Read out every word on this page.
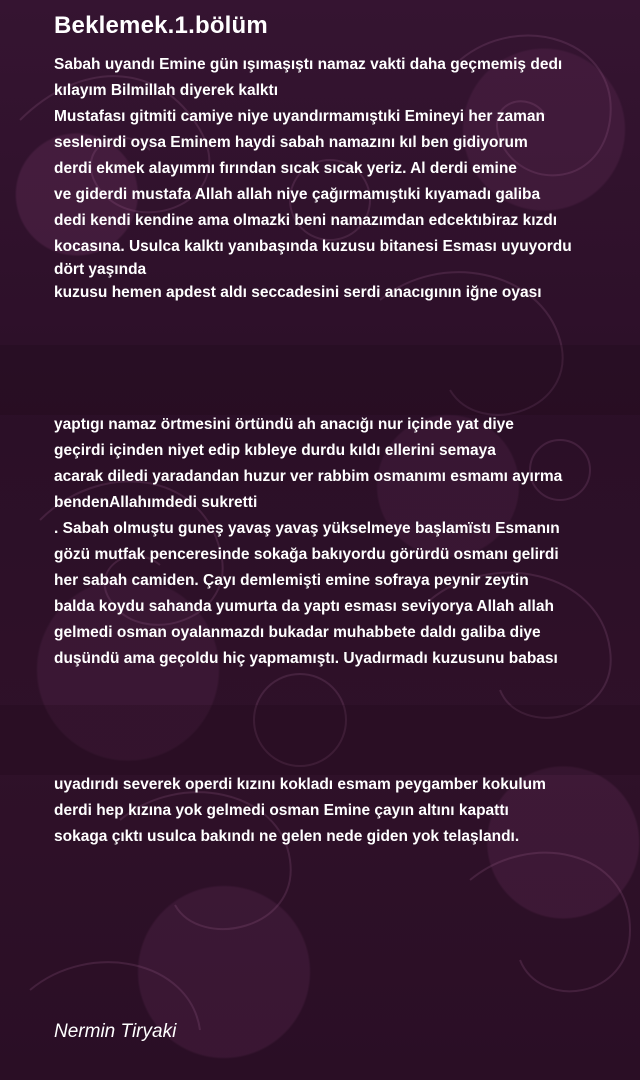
Beklemek.1.bölüm
Sabah uyandı Emine gün ışımaşıştı namaz vakti daha geçmemiş dedı
kılayım Bilmillah diyerek kalktı
Mustafası gitmiti camiye niye uyandırmamıştıki Emineyi her zaman
seslenirdi oysa Eminem haydi sabah namazını kıl ben gidiyorum
derdi ekmek alayımmı fırından sıcak sıcak yeriz. Al derdi emine
ve giderdi mustafa Allah allah niye çağırmamıştıki kıyamadı galiba
dedi kendi kendine ama olmazki beni namazımdan edcektıbiraz kızdı
kocasına. Usulca kalktı yanıbaşında kuzusu bitanesi Esması uyuyordu
dört yaşında
kuzusu hemen apdest aldı seccadesini serdi anacıgının iğne oyası
yaptıgı namaz örtmesini örtündü ah anacığı nur içinde yat diye
geçirdi içinden niyet edip kıbleye durdu kıldı ellerini semaya
acarak diledi yaradandan huzur ver rabbim osmanımı esmamı ayırma
bendenAllahımdedi sukretti
. Sabah olmuştu guneş yavaş yavaş yükselmeye başlamïstı Esmanın
gözü mutfak penceresinde sokağa bakıyordu görürdü osmanı gelirdi
her sabah camiden. Çayı demlemişti emine sofraya peynir zeytin
balda koydu sahanda yumurta da yaptı esması seviyorya Allah allah
gelmedi osman oyalanmazdı bukadar muhabbete daldı galiba diye
duşündü ama geçoldu hiç yapmamıştı. Uyadırmadı kuzusunu babası
uyadırıdı severek operdi kızını kokladı esmam peygamber kokulum
derdi hep kızına yok gelmedi osman Emine çayın altını kapattı
sokaga çıktı usulca bakındı ne gelen nede giden yok telaşlandı.
Nermin Tiryaki
